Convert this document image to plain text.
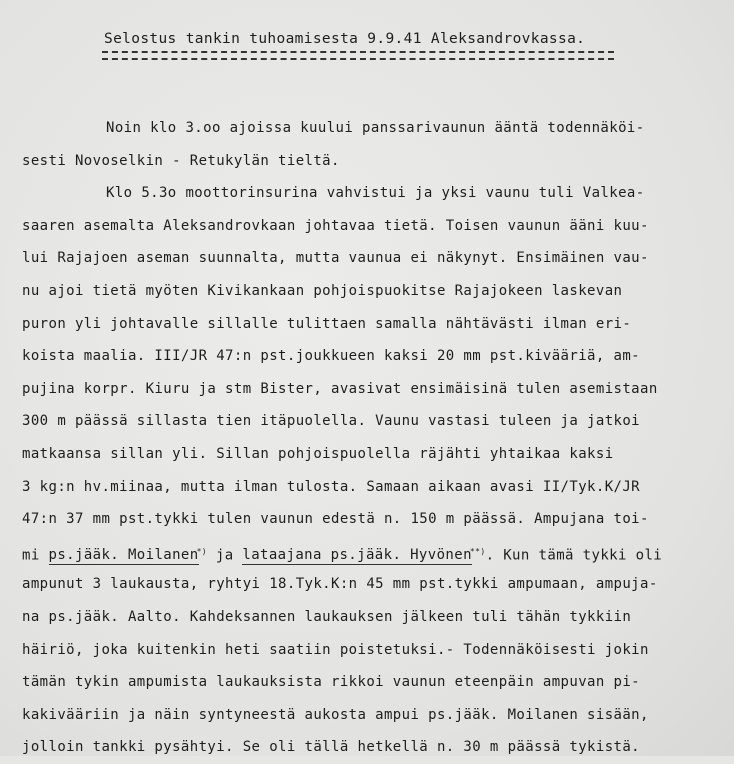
Selostus tankin tuhoamisesta 9.9.41 Aleksandrovkassa.
Noin klo 3.oo ajoissa kuului panssarivaunun ääntä todennäköi-
sesti Novoselkin - Retukylän tieltä.
Klo 5.3o moottorinsurina vahvistui ja yksi vaunu tuli Valkea-
saaren asemalta Aleksandrovkaan johtavaa tietä. Toisen vaunun ääni kuu-
lui Rajajoen aseman suunnalta, mutta vaunua ei näkynyt. Ensimäinen vau-
nu ajoi tietä myöten Kivikankaan pohjoispuokitse Rajajokeen laskevan
puron yli johtavalle sillalle tulittaen samalla nähtävästi ilman eri-
koista maalia. III/JR 47:n pst.joukkueen kaksi 20 mm pst.kivääriä, am-
pujina korpr. Kiuru ja stm Bister, avasivat ensimäisinä tulen asemistaan
300 m päässä sillasta tien itäpuolella. Vaunu vastasi tuleen ja jatkoi
matkaansa sillan yli. Sillan pohjoispuolella räjähti yhtaikaa kaksi
3 kg:n hv.miinaa, mutta ilman tulosta. Samaan aikaan avasi II/Tyk.K/JR
47:n 37 mm pst.tykki tulen vaunun edestä n. 150 m päässä. Ampujana toi-
mi ps.jääk. Moilanen*) ja lataajana ps.jääk. Hyvönen**). Kun tämä tykki oli
ampunut 3 laukausta, ryhtyi 18.Tyk.K:n 45 mm pst.tykki ampumaan, ampuja-
na ps.jääk. Aalto. Kahdeksannen laukauksen jälkeen tuli tähän tykkiin
häiriö, joka kuitenkin heti saatiin poistetuksi.- Todennäköisesti jokin
tämän tykin ampumista laukauksista rikkoi vaunun eteenpäin ampuvan pi-
kakivääriin ja näin syntyneestä aukosta ampui ps.jääk. Moilanen sisään,
jolloin tankki pysähtyi. Se oli tällä hetkellä n. 30 m päässä tykistä.
